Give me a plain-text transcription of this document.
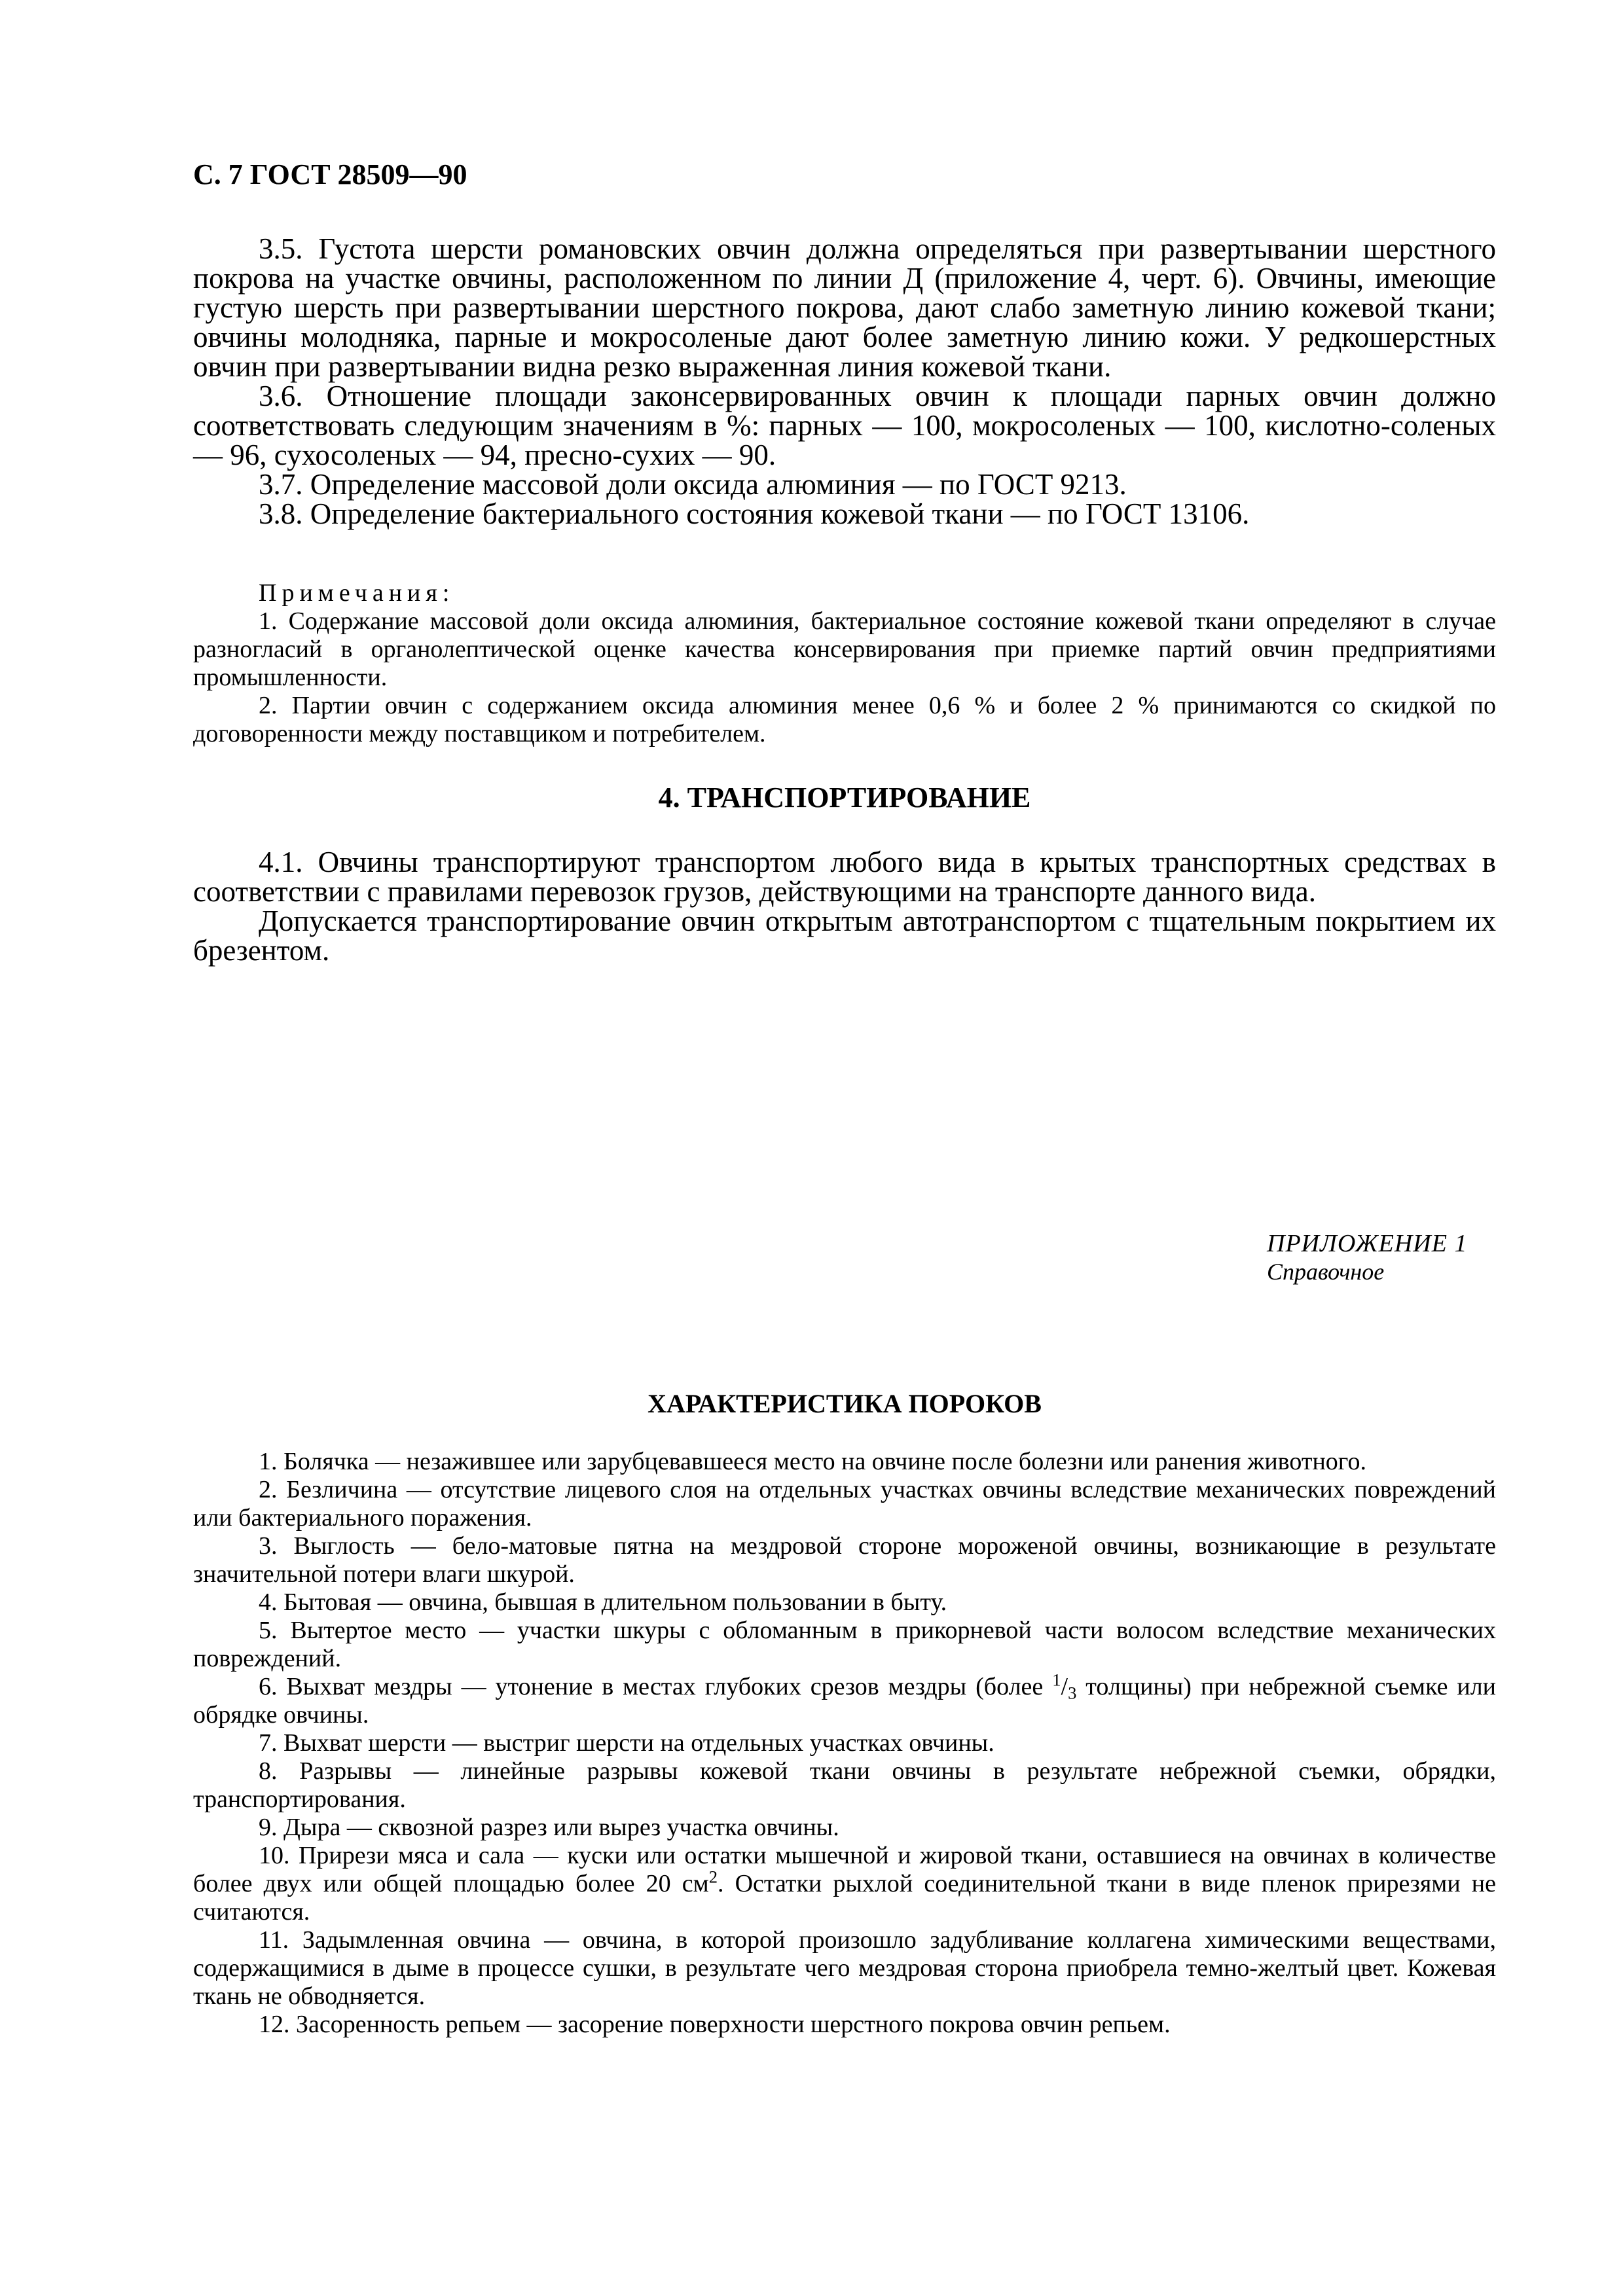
С. 7 ГОСТ 28509—90

3.5. Густота шерсти романовских овчин должна определяться при развертывании шерстного покрова на участке овчины, расположенном по линии Д (приложение 4, черт. 6). Овчины, имеющие густую шерсть при развертывании шерстного покрова, дают слабо заметную линию кожевой ткани; овчины молодняка, парные и мокросоленые дают более заметную линию кожи. У редкошерстных овчин при развертывании видна резко выраженная линия кожевой ткани.

3.6. Отношение площади законсервированных овчин к площади парных овчин должно соответствовать следующим значениям в %: парных — 100, мокросоленых — 100, кислотно-соленых — 96, сухосоленых — 94, пресно-сухих — 90.

3.7. Определение массовой доли оксида алюминия — по ГОСТ 9213.

3.8. Определение бактериального состояния кожевой ткани — по ГОСТ 13106.

Примечания:

1. Содержание массовой доли оксида алюминия, бактериальное состояние кожевой ткани определяют в случае разногласий в органолептической оценке качества консервирования при приемке партий овчин предприятиями промышленности.

2. Партии овчин с содержанием оксида алюминия менее 0,6 % и более 2 % принимаются со скидкой по договоренности между поставщиком и потребителем.

4. ТРАНСПОРТИРОВАНИЕ

4.1. Овчины транспортируют транспортом любого вида в крытых транспортных средствах в соответствии с правилами перевозок грузов, действующими на транспорте данного вида.

Допускается транспортирование овчин открытым автотранспортом с тщательным покрытием их брезентом.

ПРИЛОЖЕНИЕ 1
Справочное
ХАРАКТЕРИСТИКА ПОРОКОВ

1. Болячка — незажившее или зарубцевавшееся место на овчине после болезни или ранения животного.

2. Безличина — отсутствие лицевого слоя на отдельных участках овчины вследствие механических повреждений или бактериального поражения.

3. Выглость — бело-матовые пятна на мездровой стороне мороженой овчины, возникающие в результате значительной потери влаги шкурой.

4. Бытовая — овчина, бывшая в длительном пользовании в быту.

5. Вытертое место — участки шкуры с обломанным в прикорневой части волосом вследствие механических повреждений.

6. Выхват мездры — утонение в местах глубоких срезов мездры (более $^1/_3$ толщины) при небрежной съемке или обрядке овчины.

7. Выхват шерсти — выстриг шерсти на отдельных участках овчины.

8. Разрывы — линейные разрывы кожевой ткани овчины в результате небрежной съемки, обрядки, транспортирования.

9. Дыра — сквозной разрез или вырез участка овчины.

10. Прирези мяса и сала — куски или остатки мышечной и жировой ткани, оставшиеся на овчинах в количестве более двух или общей площадью более 20 $см^2$. Остатки рыхлой соединительной ткани в виде пленок прирезями не считаются.

11. Задымленная овчина — овчина, в которой произошло задубливание коллагена химическими веществами, содержащимися в дыме в процессе сушки, в результате чего мездровая сторона приобрела темно-желтый цвет. Кожевая ткань не обводняется.

12. Засоренность репьем — засорение поверхности шерстного покрова овчин репьем.
